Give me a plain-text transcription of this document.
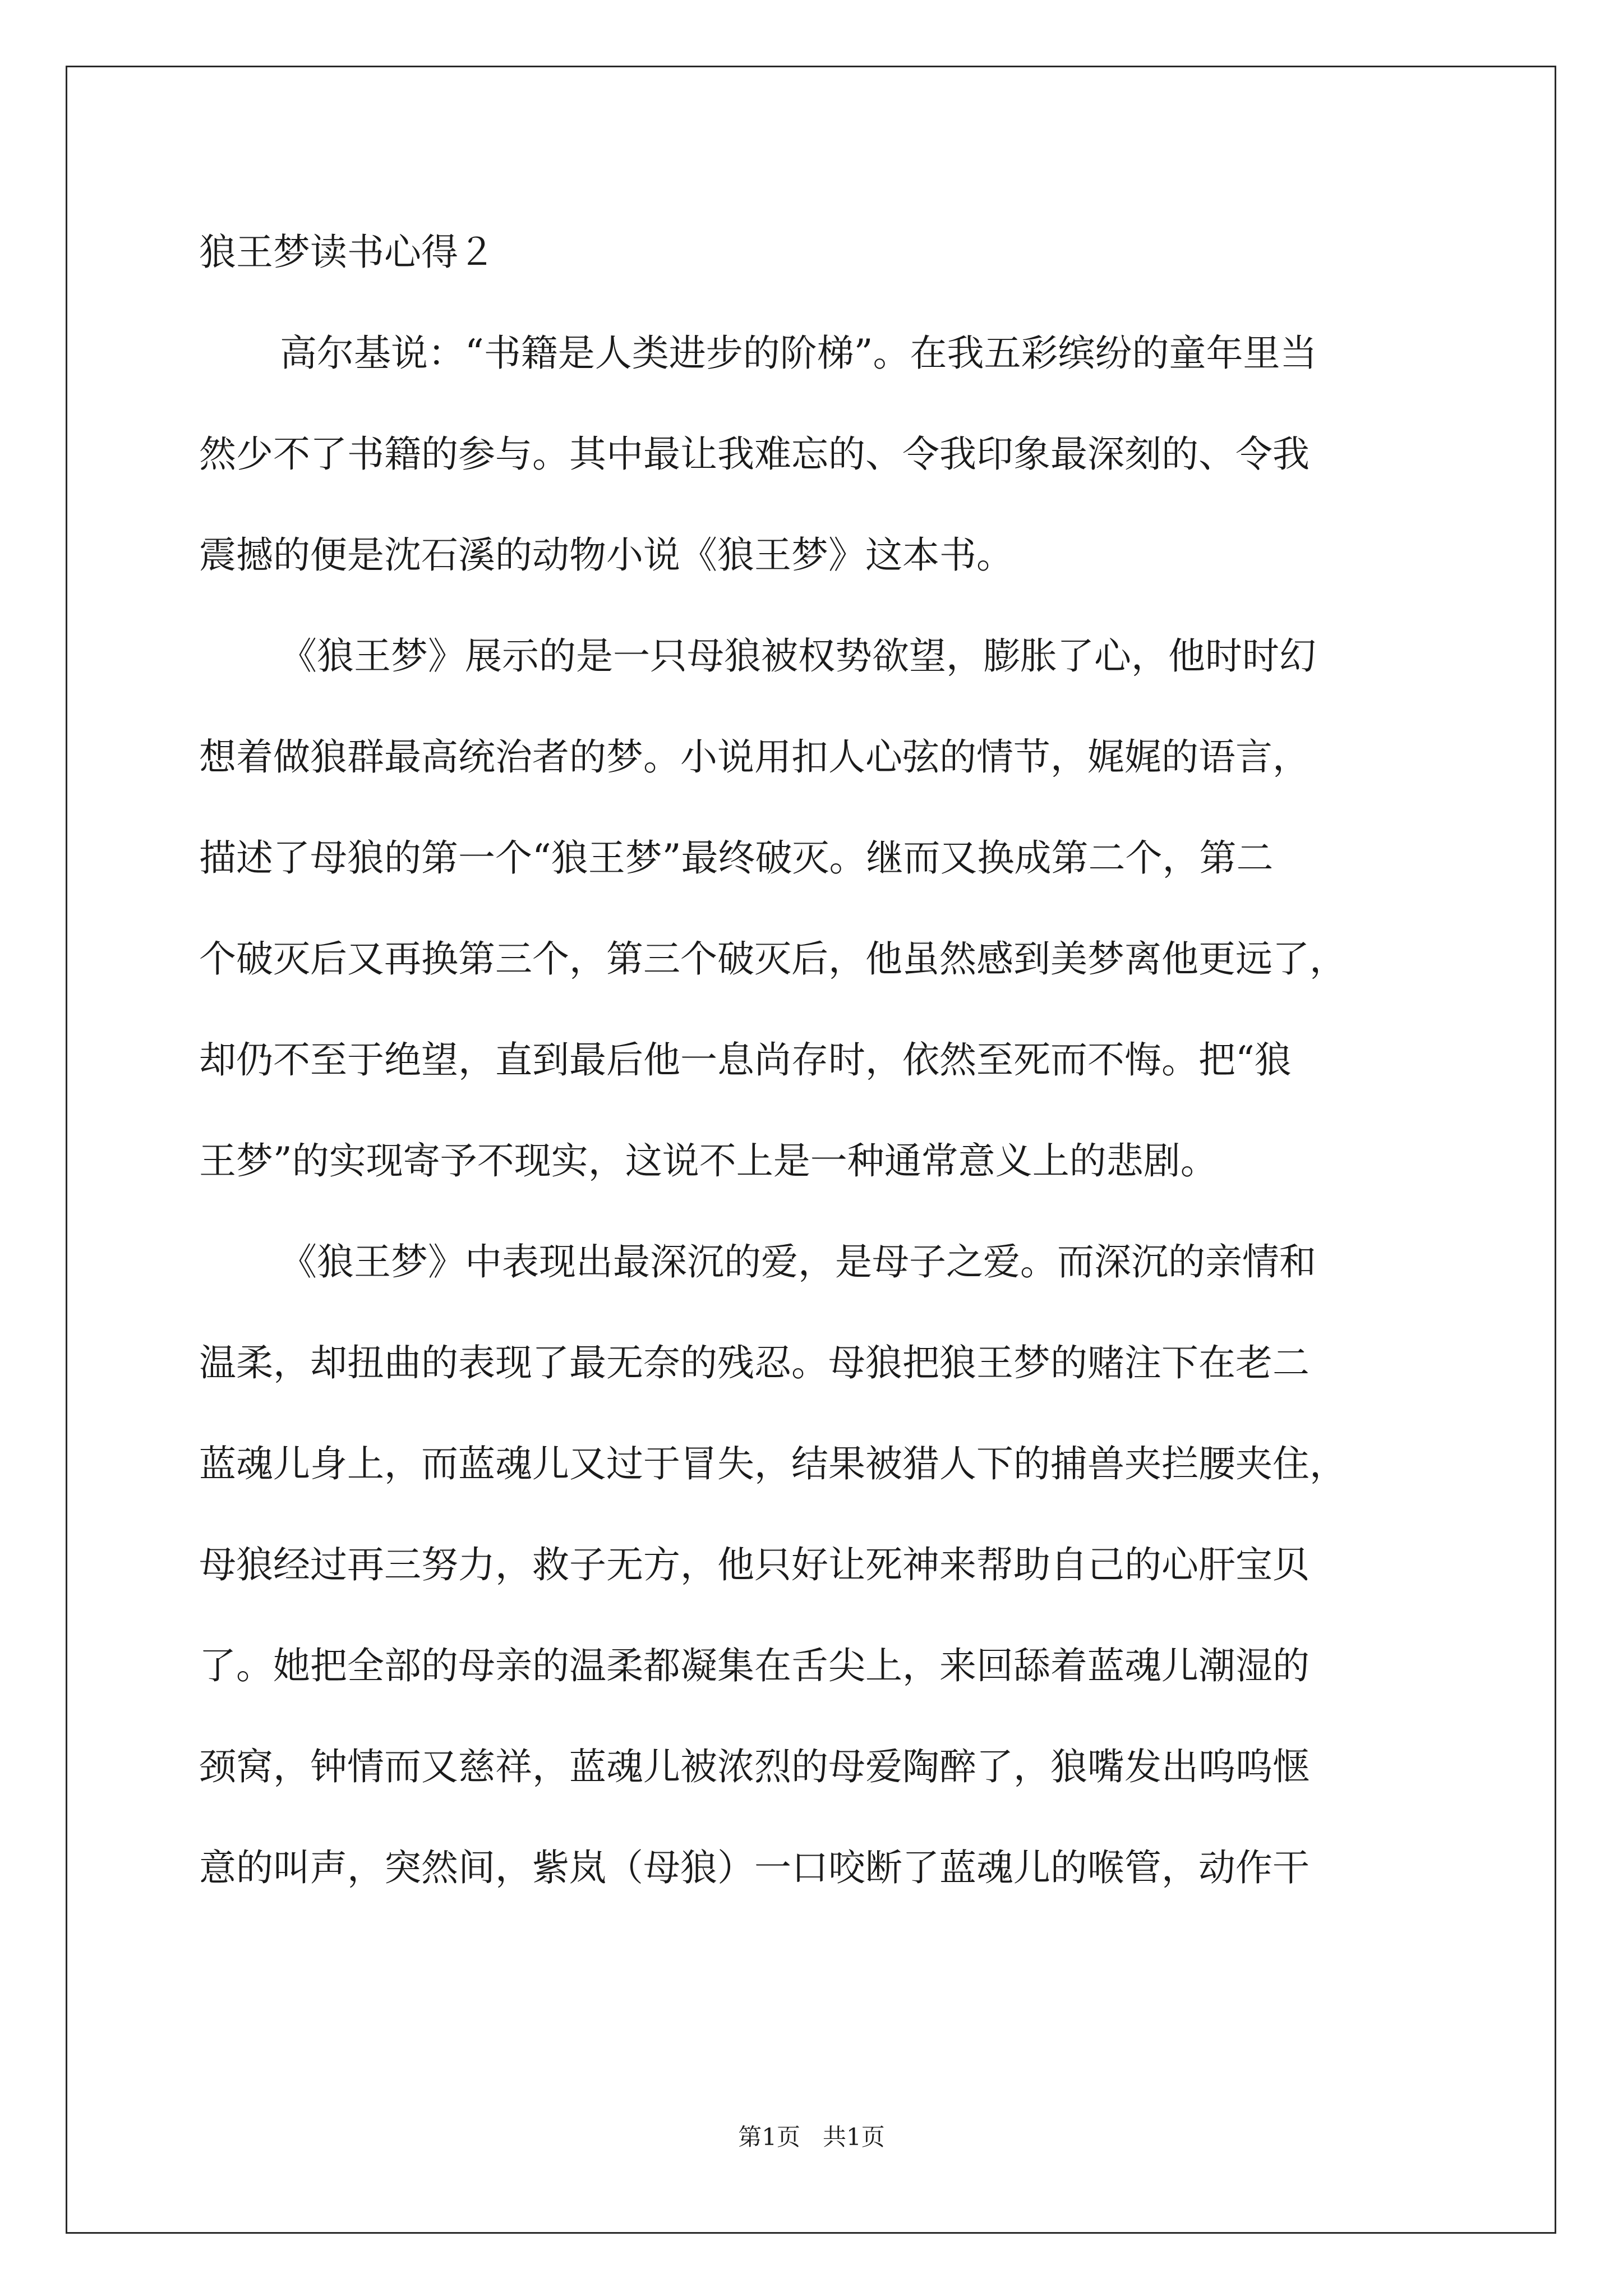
狼王梦读书心得２

高尔基说：“书籍是人类进步的阶梯”。在我五彩缤纷的童年里当

然少不了书籍的参与。其中最让我难忘的、令我印象最深刻的、令我

震撼的便是沈石溪的动物小说《狼王梦》这本书。

《狼王梦》展示的是一只母狼被权势欲望，膨胀了心，他时时幻

想着做狼群最高统治者的梦。小说用扣人心弦的情节，娓娓的语言，

描述了母狼的第一个“狼王梦”最终破灭。继而又换成第二个，第二

个破灭后又再换第三个，第三个破灭后，他虽然感到美梦离他更远了，

却仍不至于绝望，直到最后他一息尚存时，依然至死而不悔。把“狼

王梦”的实现寄予不现实，这说不上是一种通常意义上的悲剧。

《狼王梦》中表现出最深沉的爱，是母子之爱。而深沉的亲情和

温柔，却扭曲的表现了最无奈的残忍。母狼把狼王梦的赌注下在老二

蓝魂儿身上，而蓝魂儿又过于冒失，结果被猎人下的捕兽夹拦腰夹住，

母狼经过再三努力，救子无方，他只好让死神来帮助自己的心肝宝贝

了。她把全部的母亲的温柔都凝集在舌尖上，来回舔着蓝魂儿潮湿的

颈窝，钟情而又慈祥，蓝魂儿被浓烈的母爱陶醉了，狼嘴发出呜呜惬

意的叫声，突然间，紫岚（母狼）一口咬断了蓝魂儿的喉管，动作干

第1页   共1页
